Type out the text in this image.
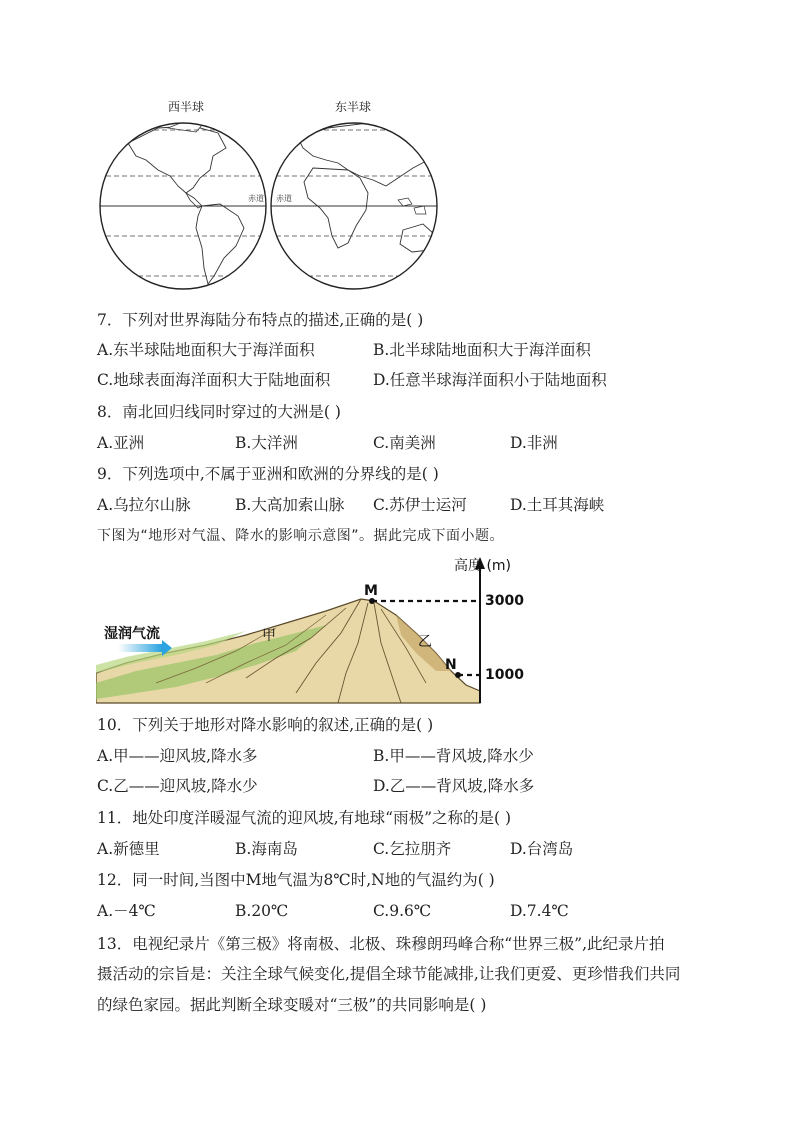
西半球	东半球
赤道 赤道
7．下列对世界海陆分布特点的描述,正确的是( )
A.东半球陆地面积大于海洋面积	B.北半球陆地面积大于海洋面积
C.地球表面海洋面积大于陆地面积	D.任意半球海洋面积小于陆地面积
8．南北回归线同时穿过的大洲是( )
A.亚洲	B.大洋洲	C.南美洲	D.非洲
9．下列选项中,不属于亚洲和欧洲的分界线的是( )
A.乌拉尔山脉	B.大高加索山脉 C.苏伊士运河	D.土耳其海峡
下图为“地形对气温、降水的影响示意图”。据此完成下面小题。
高度 (m)
3000
1000
M
N
甲	乙
湿润气流
10．下列关于地形对降水影响的叙述,正确的是( )
A.甲——迎风坡,降水多	B.甲——背风坡,降水少
C.乙——迎风坡,降水少	D.乙——背风坡,降水多
11．地处印度洋暖湿气流的迎风坡,有地球“雨极”之称的是( )
A.新德里	B.海南岛	C.乞拉朋齐	D.台湾岛
12．同一时间,当图中M地气温为8℃时,N地的气温约为( )
A.－4℃	B.20℃	C.9.6℃	D.7.4℃
13．电视纪录片《第三极》将南极、北极、珠穆朗玛峰合称“世界三极”,此纪录片拍
摄活动的宗旨是：关注全球气候变化,提倡全球节能减排,让我们更爱、更珍惜我们共同
的绿色家园。据此判断全球变暖对“三极”的共同影响是( )
